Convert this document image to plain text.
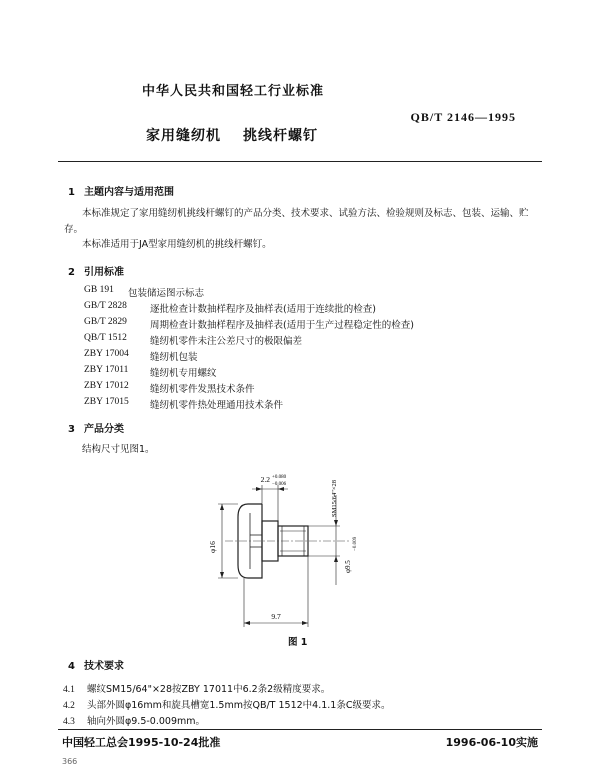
中华人民共和国轻工行业标准
QB/T 2146—1995
家用缝纫机 挑线杆螺钉
1 主题内容与适用范围
本标准规定了家用缝纫机挑线杆螺钉的产品分类、技术要求、试验方法、检验规则及标志、包装、运输、贮存。
本标准适用于JA型家用缝纫机的挑线杆螺钉。
2 引用标准
GB 191 包装储运图示标志
GB/T 2828 逐批检查计数抽样程序及抽样表(适用于连续批的检查)
GB/T 2829 周期检查计数抽样程序及抽样表(适用于生产过程稳定性的检查)
QB/T 1512 缝纫机零件未注公差尺寸的极限偏差
ZBY 17004 缝纫机包装
ZBY 17011 缝纫机专用螺纹
ZBY 17012 缝纫机零件发黑技术条件
ZBY 17015 缝纫机零件热处理通用技术条件
3 产品分类
结构尺寸见图1。
2.2 +0.080
−0.006
φ16
SM15/64"×28
φ9.5
−0.009
9.7
图 1
4 技术要求
4.1 螺纹SM15/64"×28按ZBY 17011中6.2条2级精度要求。
4.2 头部外圆φ16mm和旋具槽宽1.5mm按QB/T 1512中4.1.1条C级要求。
4.3 轴向外圆φ9.5-0.009mm。
中国轻工总会1995-10-24批准	1996-06-10实施
366
